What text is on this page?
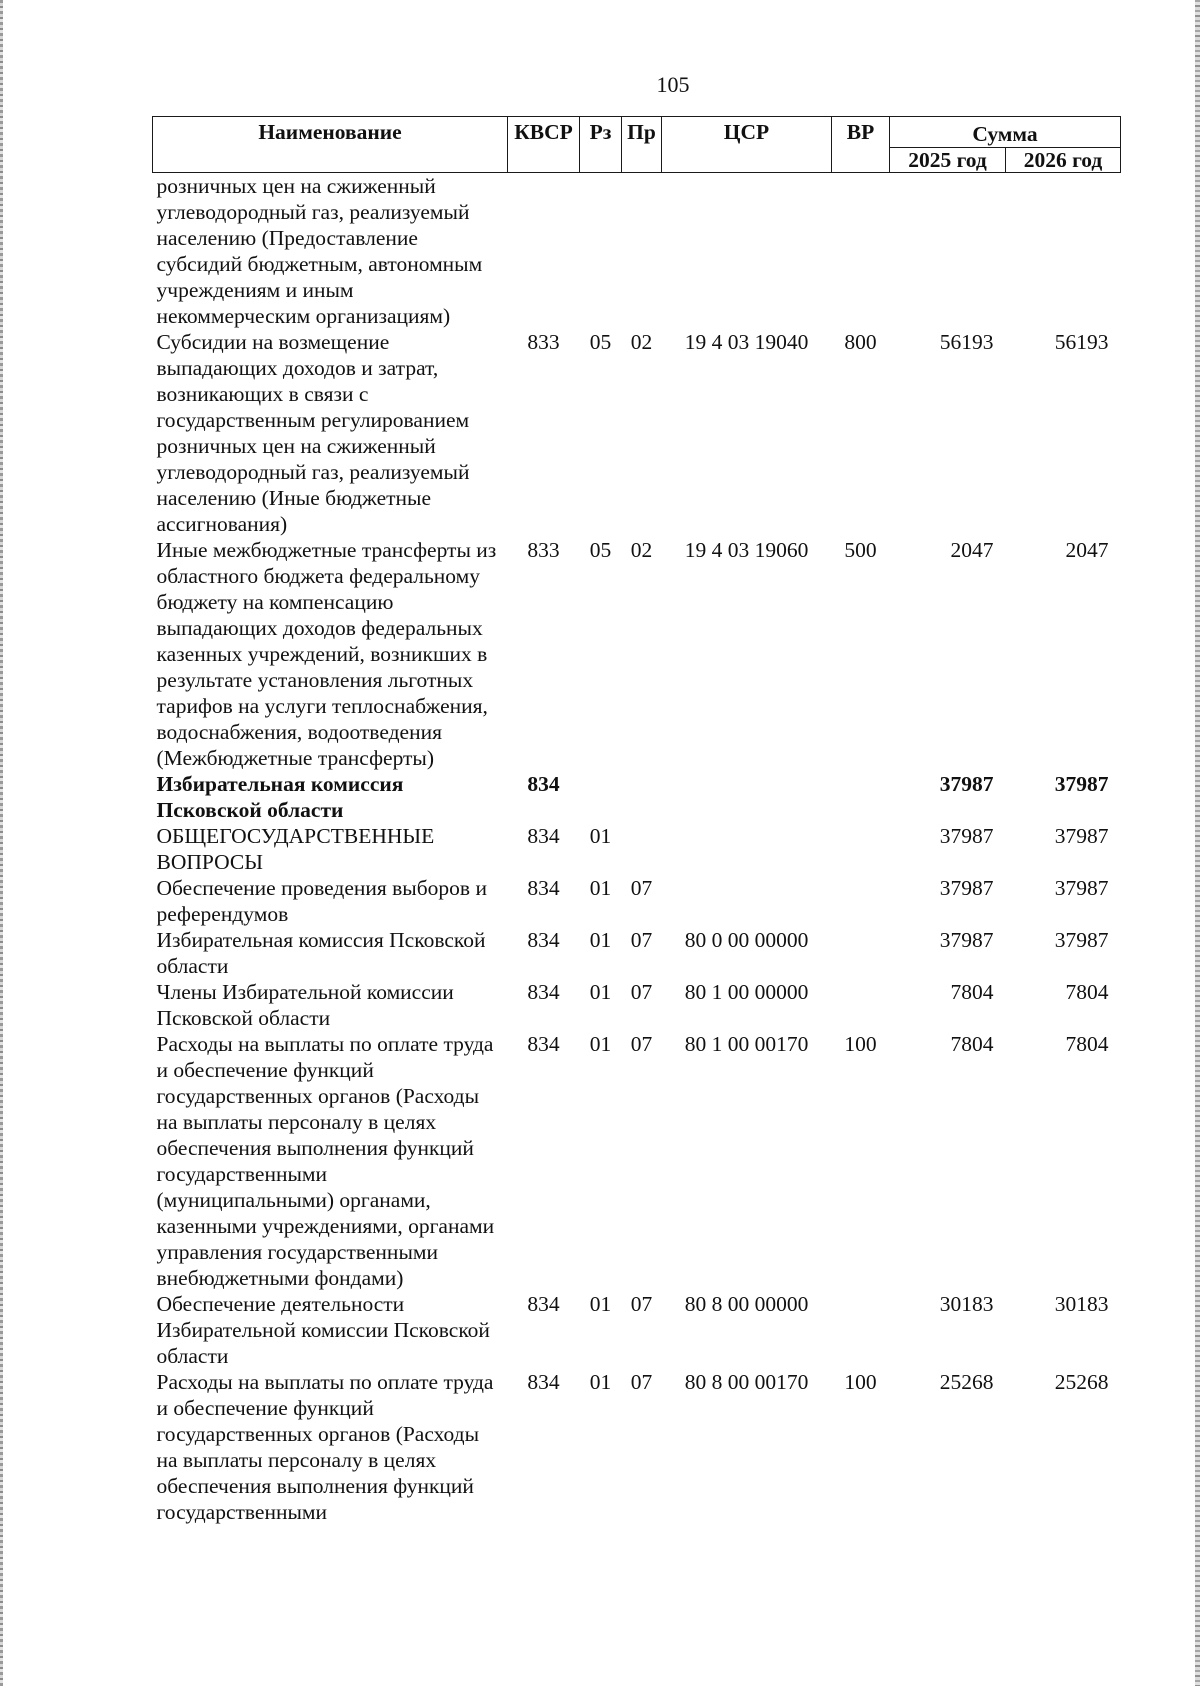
105
Наименование	КВСР	Рз	Пр	ЦСР	ВР	Сумма	
						2025 год	2026 год
розничных цен на сжиженный углеводородный газ, реализуемый населению (Предоставление субсидий бюджетным, автономным учреждениям и иным некоммерческим организациям)							
Субсидии на возмещение выпадающих доходов и затрат, возникающих в связи с государственным регулированием розничных цен на сжиженный углеводородный газ, реализуемый населению (Иные бюджетные ассигнования)	833	05	02	19 4 03 19040	800	56193	56193
Иные межбюджетные трансферты из областного бюджета федеральному бюджету на компенсацию выпадающих доходов федеральных казенных учреждений, возникших в результате установления льготных тарифов на услуги теплоснабжения, водоснабжения, водоотведения (Межбюджетные трансферты)	833	05	02	19 4 03 19060	500	2047	2047
Избирательная комиссия Псковской области	834					37987	37987
ОБЩЕГОСУДАРСТВЕННЫЕ ВОПРОСЫ	834	01				37987	37987
Обеспечение проведения выборов и референдумов	834	01	07			37987	37987
Избирательная комиссия Псковской области	834	01	07	80 0 00 00000		37987	37987
Члены Избирательной комиссии Псковской области	834	01	07	80 1 00 00000		7804	7804
Расходы на выплаты по оплате труда и обеспечение функций государственных органов (Расходы на выплаты персоналу в целях обеспечения выполнения функций государственными (муниципальными) органами, казенными учреждениями, органами управления государственными внебюджетными фондами)	834	01	07	80 1 00 00170	100	7804	7804
Обеспечение деятельности Избирательной комиссии Псковской области	834	01	07	80 8 00 00000		30183	30183
Расходы на выплаты по оплате труда и обеспечение функций государственных органов (Расходы на выплаты персоналу в целях обеспечения выполнения функций государственными	834	01	07	80 8 00 00170	100	25268	25268
